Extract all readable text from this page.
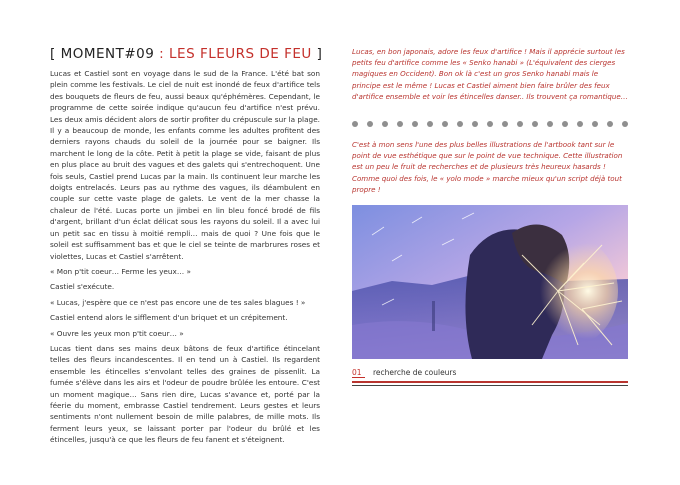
[ MOMENT#09 : LES FLEURS DE FEU ]

Lucas et Castiel sont en voyage dans le sud de la France. L'été bat son plein comme les festivals. Le ciel de nuit est inondé de feux d'artifice tels des bouquets de fleurs de feu, aussi beaux qu'éphémères. Cependant, le programme de cette soirée indique qu'aucun feu d'artifice n'est prévu. Les deux amis décident alors de sortir profiter du crépuscule sur la plage. Il y a beaucoup de monde, les enfants comme les adultes profitent des derniers rayons chauds du soleil de la journée pour se baigner. Ils marchent le long de la côte. Petit à petit la plage se vide, faisant de plus en plus place au bruit des vagues et des galets qui s'entrechoquent. Une fois seuls, Castiel prend Lucas par la main. Ils continuent leur marche les doigts entrelacés. Leurs pas au rythme des vagues, ils déambulent en couple sur cette vaste plage de galets. Le vent de la mer chasse la chaleur de l'été. Lucas porte un jimbei en lin bleu foncé brodé de fils d'argent, brillant d'un éclat délicat sous les rayons du soleil. Il a avec lui un petit sac en tissu à moitié rempli… mais de quoi ? Une fois que le soleil est suffisamment bas et que le ciel se teinte de marbrures roses et violettes, Lucas et Castiel s'arrêtent.

« Mon p'tit coeur… Ferme les yeux… »

Castiel s'exécute.

« Lucas, j'espère que ce n'est pas encore une de tes sales blagues ! »

Castiel entend alors le sifflement d'un briquet et un crépitement.

« Ouvre les yeux mon p'tit coeur… »

Lucas tient dans ses mains deux bâtons de feux d'artifice étincelant telles des fleurs incandescentes. Il en tend un à Castiel. Ils regardent ensemble les étincelles s'envolant telles des graines de pissenlit. La fumée s'élève dans les airs et l'odeur de poudre brûlée les entoure. C'est un moment magique… Sans rien dire, Lucas s'avance et, porté par la féerie du moment, embrasse Castiel tendrement. Leurs gestes et leurs sentiments n'ont nullement besoin de mille palabres, de mille mots. Ils ferment leurs yeux, se laissant porter par l'odeur du brûlé et les étincelles, jusqu'à ce que les fleurs de feu fanent et s'éteignent.

Lucas, en bon japonais, adore les feux d'artifice ! Mais il apprécie surtout les petits feu d'artifice comme les « Senko hanabi » (L'équivalent des cierges magiques en Occident). Bon ok là c'est un gros Senko hanabi mais le principe est le même ! Lucas et Castiel aiment bien faire brûler des feux d'artifice ensemble et voir les étincelles danser.. Ils trouvent ça romantique…

C'est à mon sens l'une des plus belles illustrations de l'artbook tant sur le point de vue esthétique que sur le point de vue technique. Cette illustration est un peu le fruit de recherches et de plusieurs très heureux hasards ! Comme quoi des fois, le « yolo mode » marche mieux qu'un script déjà tout propre !

01 recherche de couleurs
